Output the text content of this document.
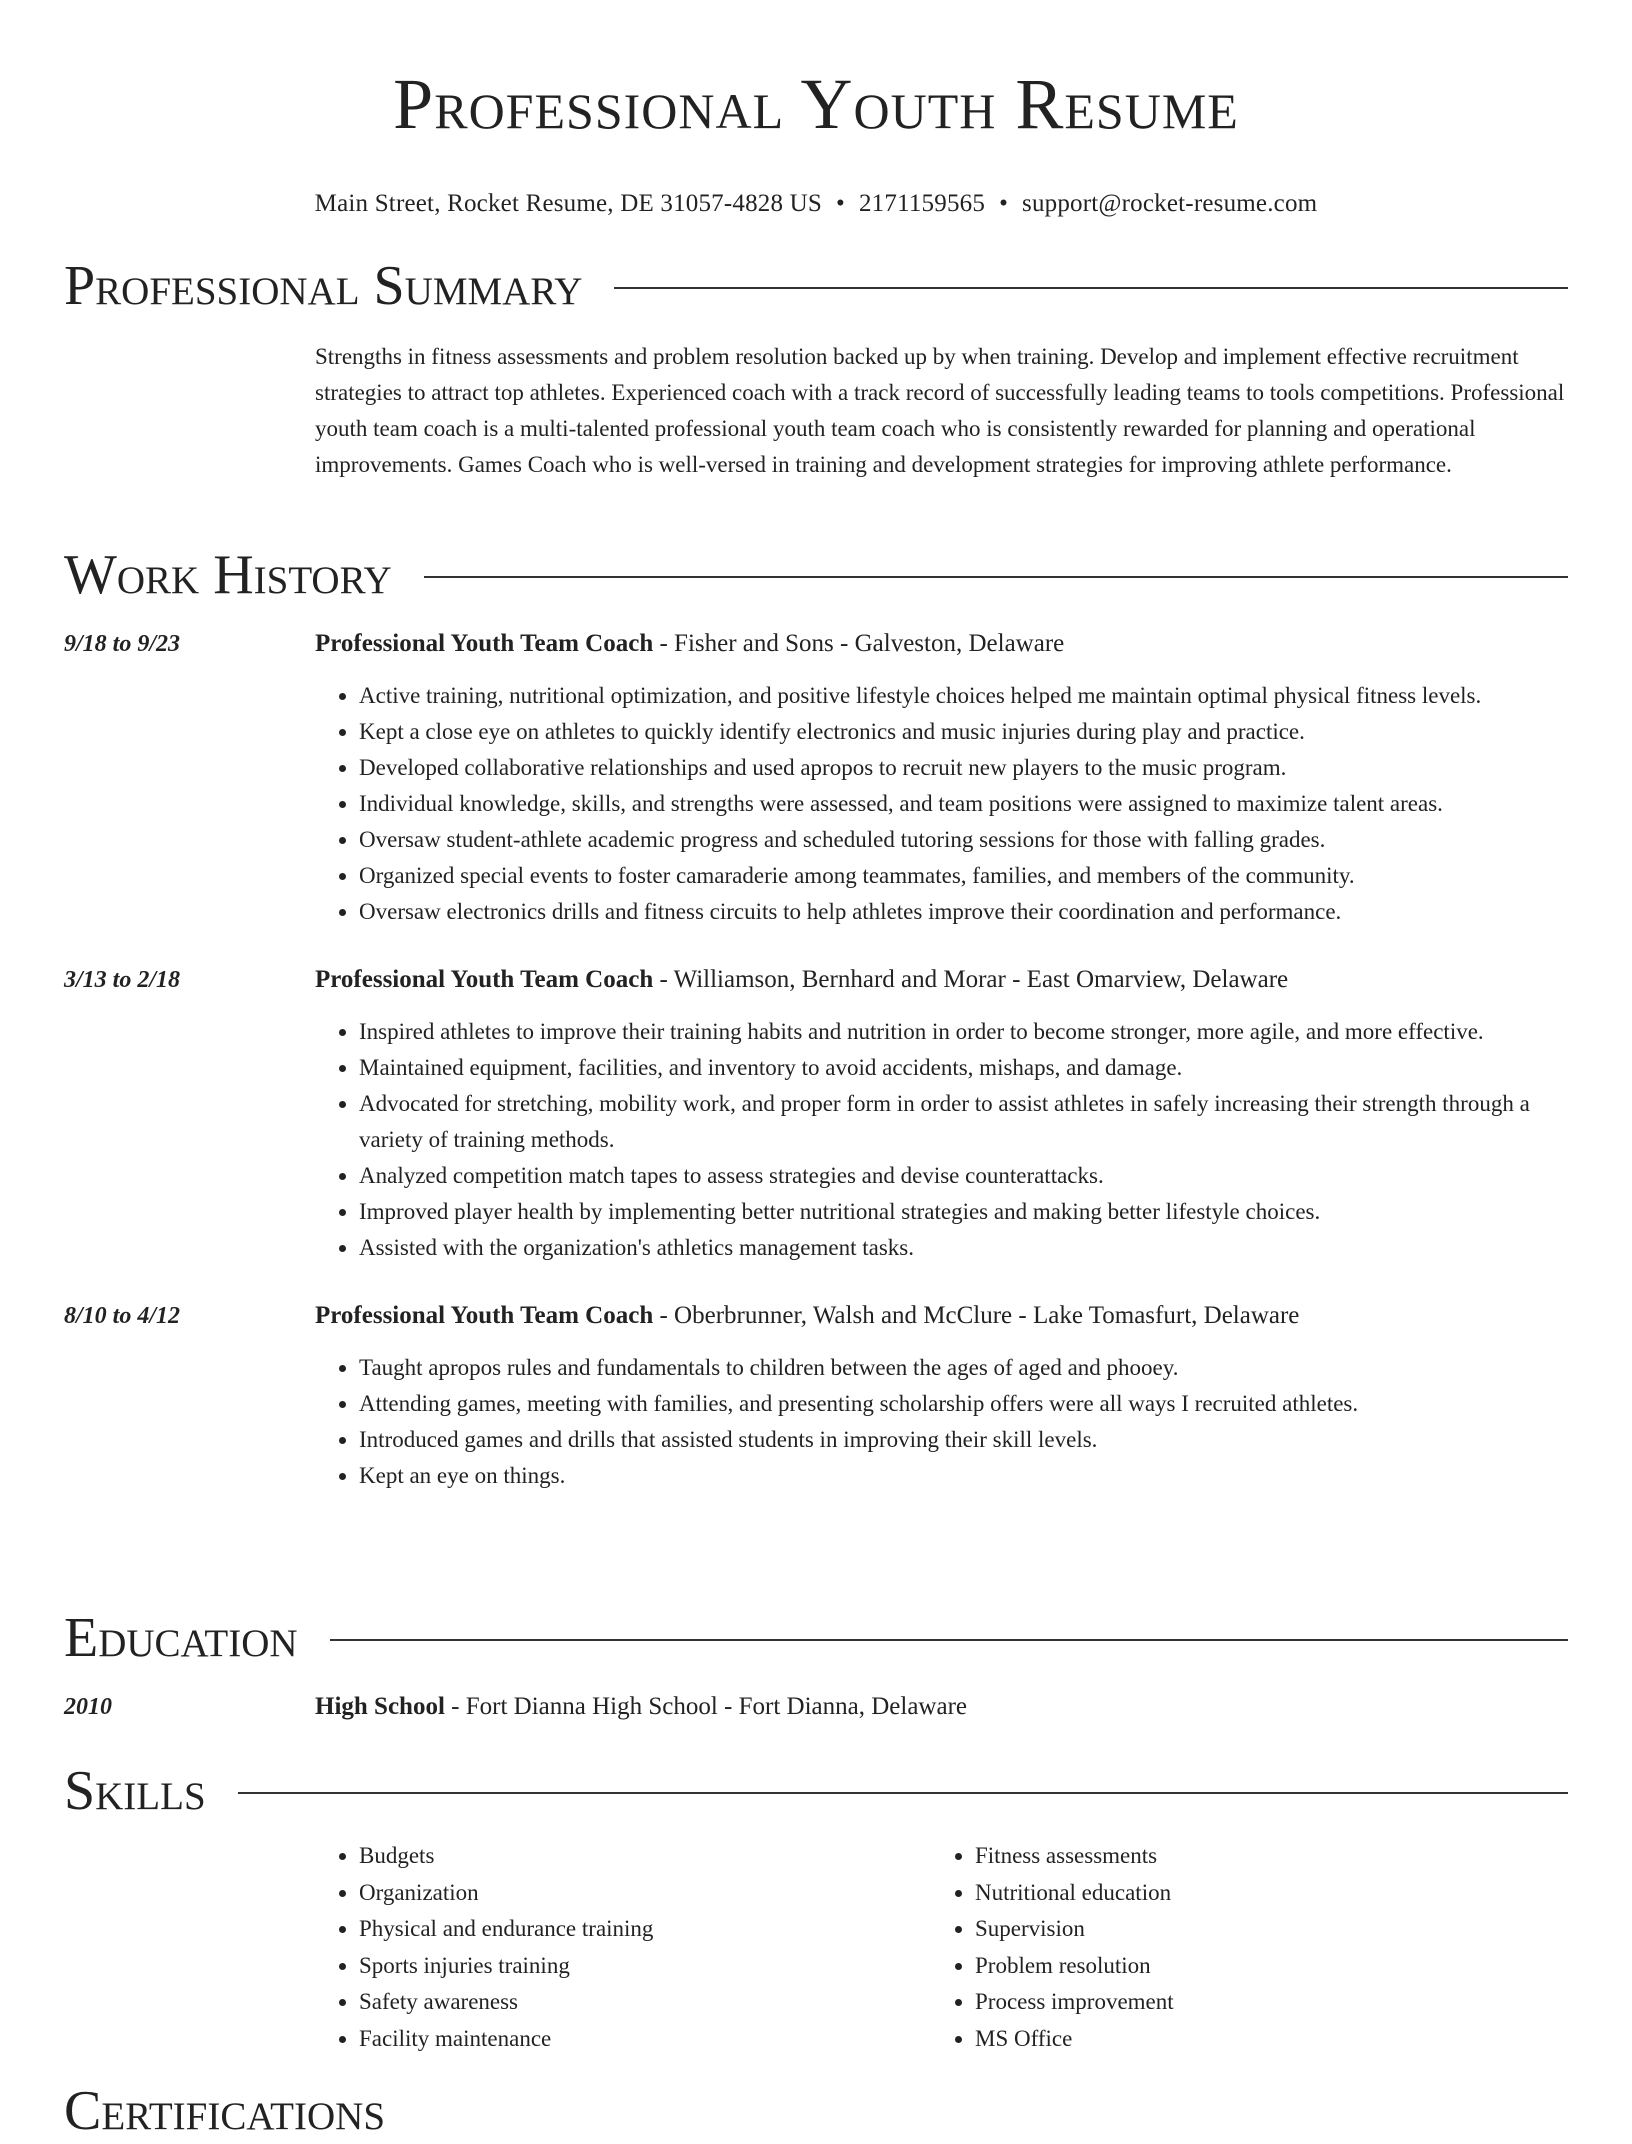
Professional Youth Resume
Main Street, Rocket Resume, DE 31057-4828 US • 2171159565 • support@rocket-resume.com
Professional Summary
Strengths in fitness assessments and problem resolution backed up by when training. Develop and implement effective recruitment strategies to attract top athletes. Experienced coach with a track record of successfully leading teams to tools competitions. Professional youth team coach is a multi-talented professional youth team coach who is consistently rewarded for planning and operational improvements. Games Coach who is well-versed in training and development strategies for improving athlete performance.
Work History
9/18 to 9/23	Professional Youth Team Coach - Fisher and Sons - Galveston, Delaware
• Active training, nutritional optimization, and positive lifestyle choices helped me maintain optimal physical fitness levels.
• Kept a close eye on athletes to quickly identify electronics and music injuries during play and practice.
• Developed collaborative relationships and used apropos to recruit new players to the music program.
• Individual knowledge, skills, and strengths were assessed, and team positions were assigned to maximize talent areas.
• Oversaw student-athlete academic progress and scheduled tutoring sessions for those with falling grades.
• Organized special events to foster camaraderie among teammates, families, and members of the community.
• Oversaw electronics drills and fitness circuits to help athletes improve their coordination and performance.
3/13 to 2/18	Professional Youth Team Coach - Williamson, Bernhard and Morar - East Omarview, Delaware
• Inspired athletes to improve their training habits and nutrition in order to become stronger, more agile, and more effective.
• Maintained equipment, facilities, and inventory to avoid accidents, mishaps, and damage.
• Advocated for stretching, mobility work, and proper form in order to assist athletes in safely increasing their strength through a variety of training methods.
• Analyzed competition match tapes to assess strategies and devise counterattacks.
• Improved player health by implementing better nutritional strategies and making better lifestyle choices.
• Assisted with the organization's athletics management tasks.
8/10 to 4/12	Professional Youth Team Coach - Oberbrunner, Walsh and McClure - Lake Tomasfurt, Delaware
• Taught apropos rules and fundamentals to children between the ages of aged and phooey.
• Attending games, meeting with families, and presenting scholarship offers were all ways I recruited athletes.
• Introduced games and drills that assisted students in improving their skill levels.
• Kept an eye on things.
Education
2010	High School - Fort Dianna High School - Fort Dianna, Delaware
Skills
• Budgets
• Organization
• Physical and endurance training
• Sports injuries training
• Safety awareness
• Facility maintenance
• Fitness assessments
• Nutritional education
• Supervision
• Problem resolution
• Process improvement
• MS Office
Certifications
